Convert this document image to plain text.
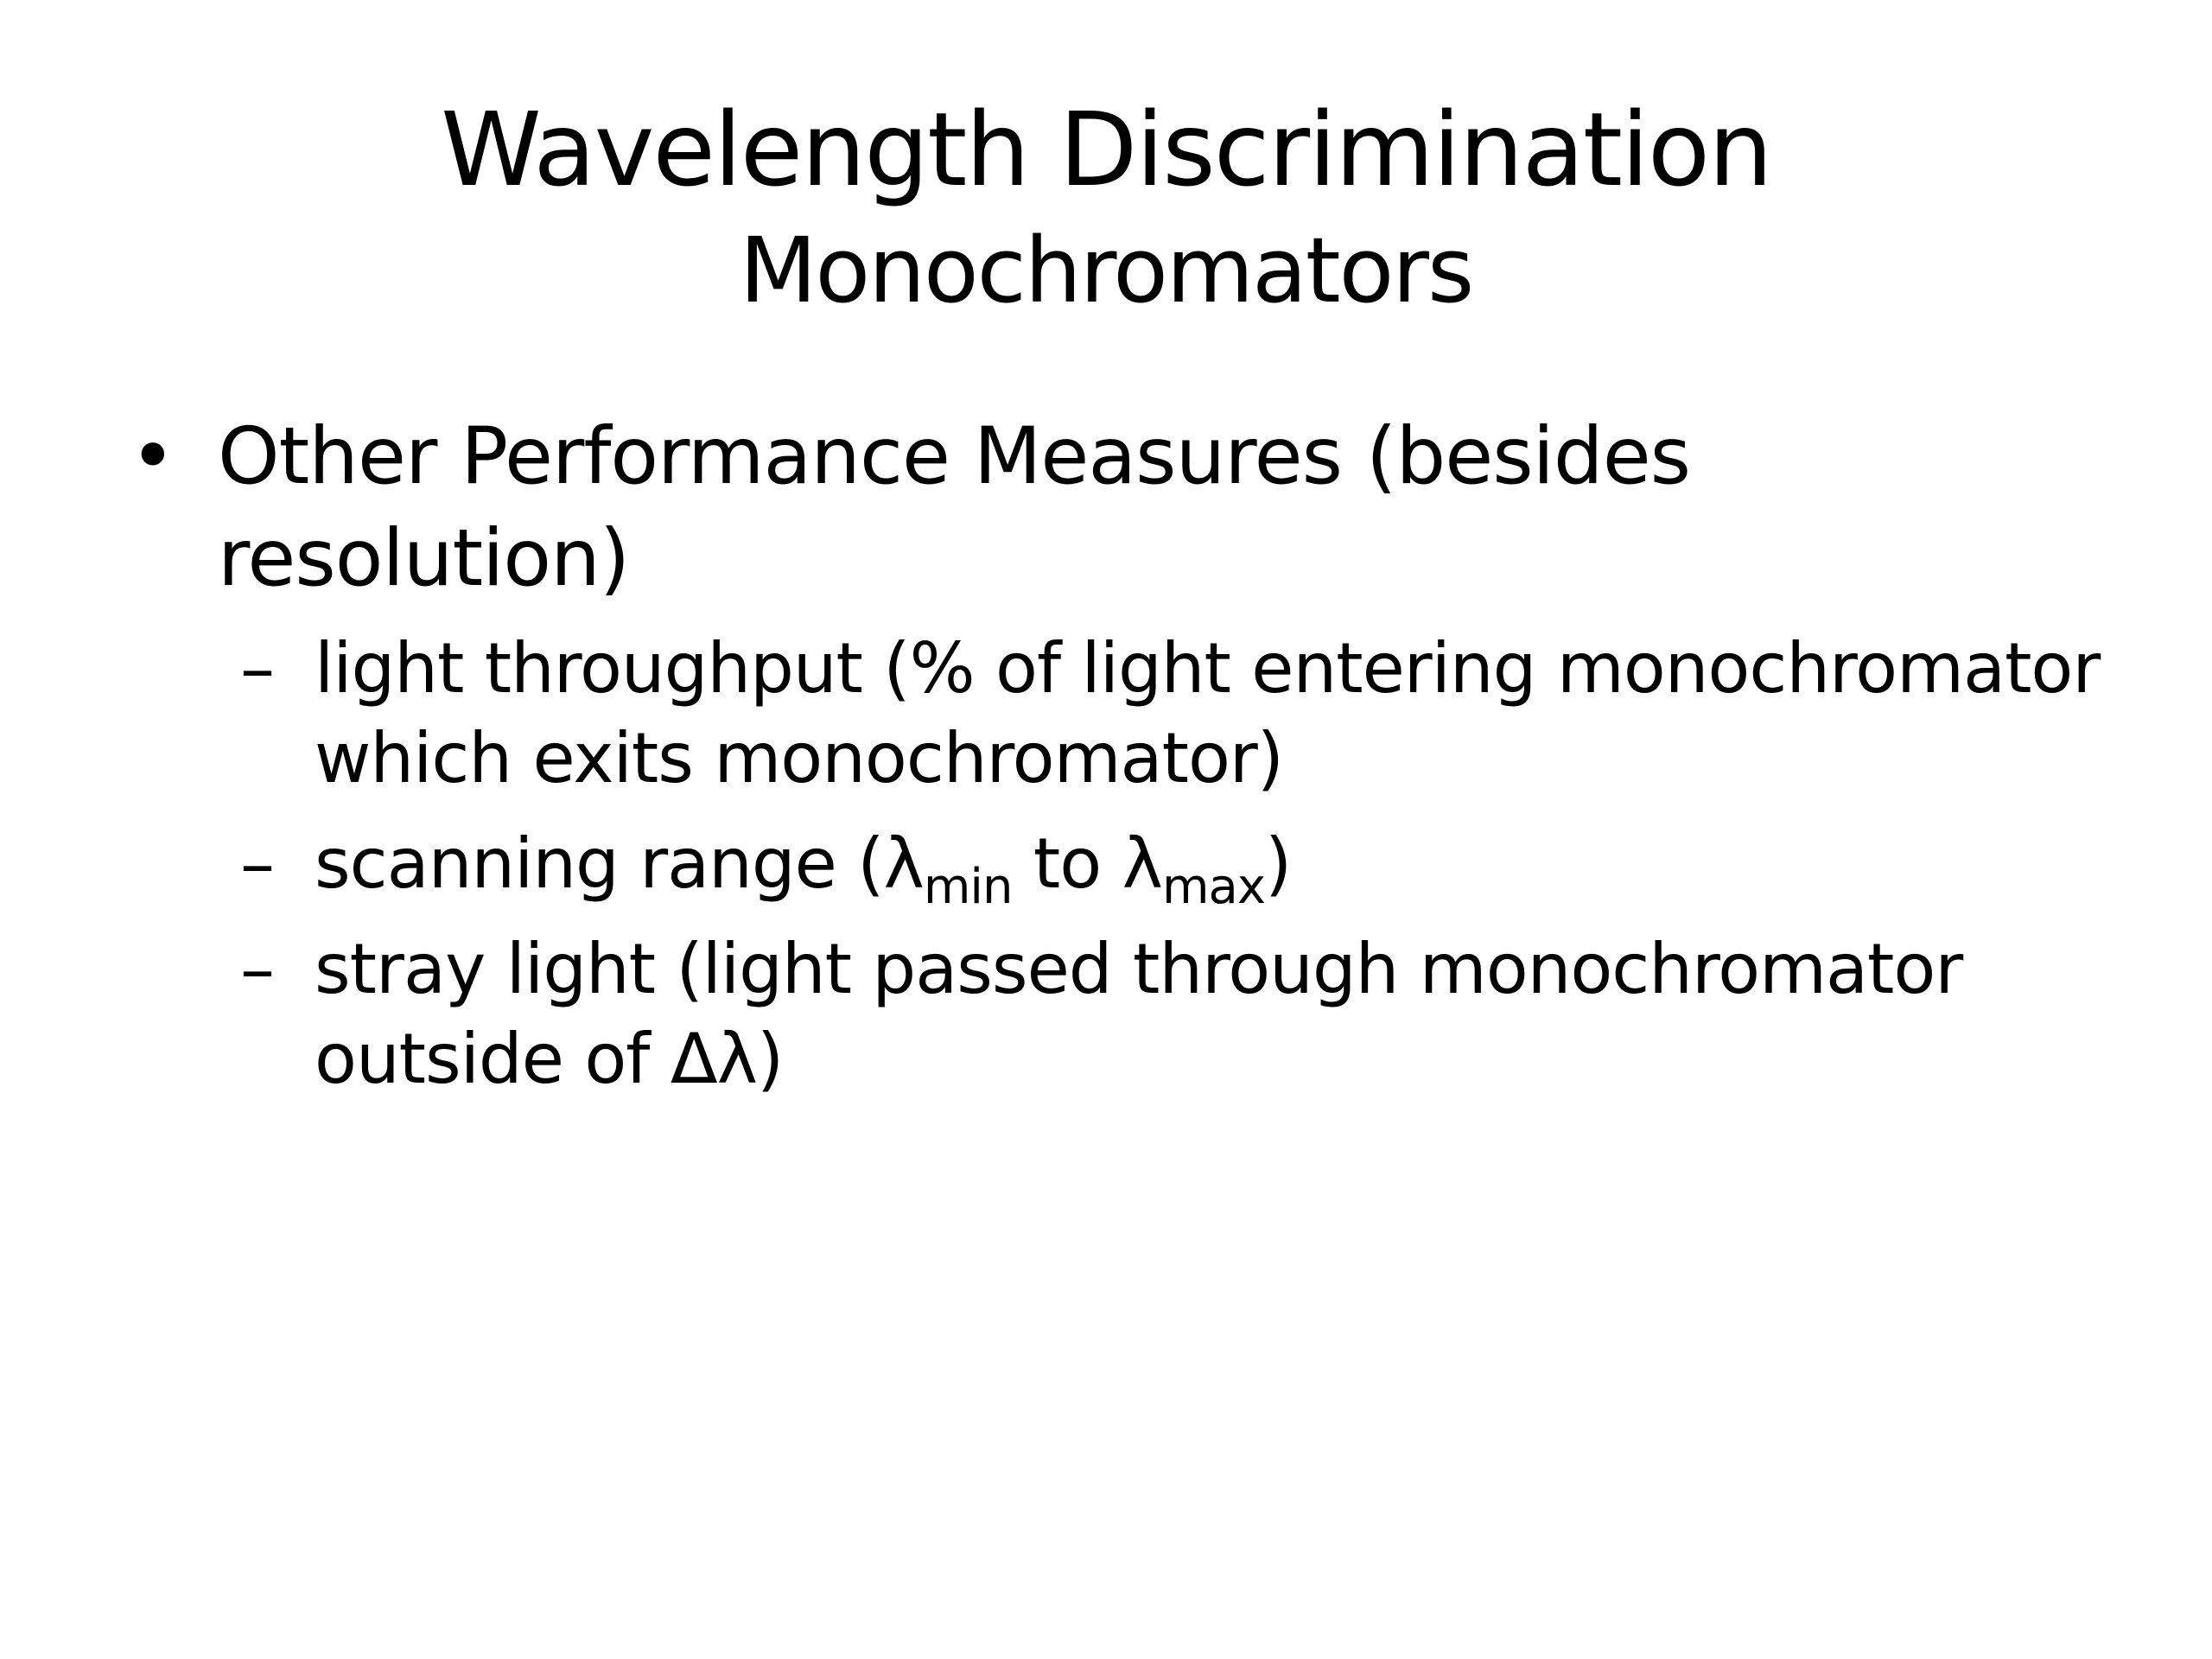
Wavelength Discrimination
Monochromators
• Other Performance Measures (besides resolution)
– light throughput (% of light entering monochromator which exits monochromator)
– scanning range ($\lambda_{min}$ to $\lambda_{max}$)
– stray light (light passed through monochromator outside of Δλ)
